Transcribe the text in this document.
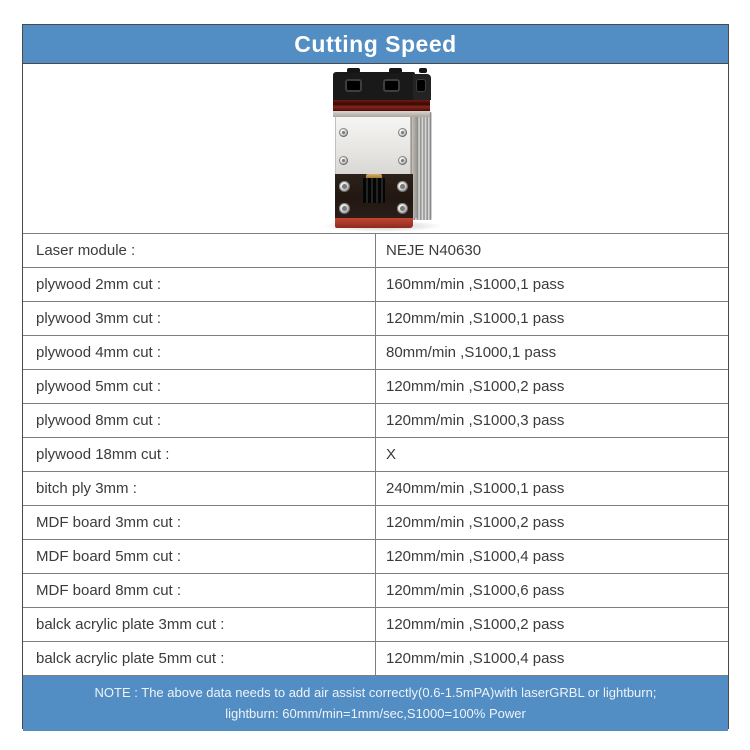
Cutting Speed
Laser module :	NEJE N40630
plywood 2mm cut :	160mm/min ,S1000,1 pass
plywood 3mm cut :	120mm/min ,S1000,1 pass
plywood 4mm cut :	80mm/min ,S1000,1 pass
plywood 5mm cut :	120mm/min ,S1000,2 pass
plywood 8mm cut :	120mm/min ,S1000,3 pass
plywood 18mm cut :	X
bitch ply 3mm :	240mm/min ,S1000,1 pass
MDF board 3mm cut :	120mm/min ,S1000,2 pass
MDF board 5mm cut :	120mm/min ,S1000,4 pass
MDF board 8mm cut :	120mm/min ,S1000,6 pass
balck acrylic plate 3mm cut :	120mm/min ,S1000,2 pass
balck acrylic plate 5mm cut :	120mm/min ,S1000,4 pass
NOTE : The above data needs to add air assist correctly(0.6-1.5mPA)with laserGRBL or lightburn;
lightburn: 60mm/min=1mm/sec,S1000=100% Power
